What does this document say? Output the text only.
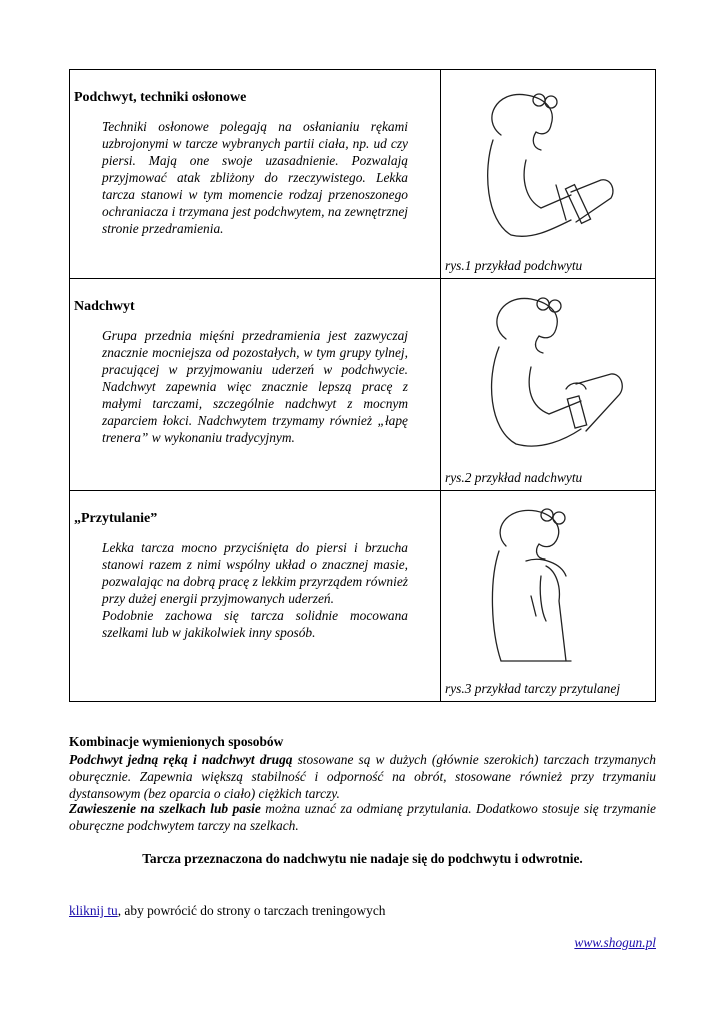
Podchwyt, techniki osłonowe
Techniki osłonowe polegają na osłanianiu rękami uzbrojonymi w tarcze wybranych partii ciała, np. ud czy piersi. Mają one swoje uzasadnienie. Pozwalają przyjmować atak zbliżony do rzeczywistego. Lekka tarcza stanowi w tym momencie rodzaj przenoszonego ochraniacza i trzymana jest podchwytem, na zewnętrznej stronie przedramienia.	rys.1 przykład podchwytu

Nadchwyt
Grupa przednia mięśni przedramienia jest zazwyczaj znacznie mocniejsza od pozostałych, w tym grupy tylnej, pracującej w przyjmowaniu uderzeń w podchwycie. Nadchwyt zapewnia więc znacznie lepszą pracę z małymi tarczami, szczególnie nadchwyt z mocnym zaparciem łokci. Nadchwytem trzymamy również „łapę trenera” w wykonaniu tradycyjnym.	rys.2 przykład nadchwytu

„Przytulanie”
Lekka tarcza mocno przyciśnięta do piersi i brzucha stanowi razem z nimi wspólny układ o znacznej masie, pozwalając na dobrą pracę z lekkim przyrządem również przy dużej energii przyjmowanych uderzeń.
Podobnie zachowa się tarcza solidnie mocowana szelkami lub w jakikolwiek inny sposób.	rys.3 przykład tarczy przytulanej
Kombinacje wymienionych sposobów
Podchwyt jedną ręką i nadchwyt drugą stosowane są w dużych (głównie szerokich) tarczach trzymanych oburęcznie. Zapewnia większą stabilność i odporność na obrót, stosowane również przy trzymaniu dystansowym (bez oparcia o ciało) ciężkich tarczy.
Zawieszenie na szelkach lub pasie można uznać za odmianę przytulania. Dodatkowo stosuje się trzymanie oburęczne podchwytem tarczy na szelkach.
Tarcza przeznaczona do nadchwytu nie nadaje się do podchwytu i odwrotnie.
kliknij tu, aby powrócić do strony o tarczach treningowych
www.shogun.pl
